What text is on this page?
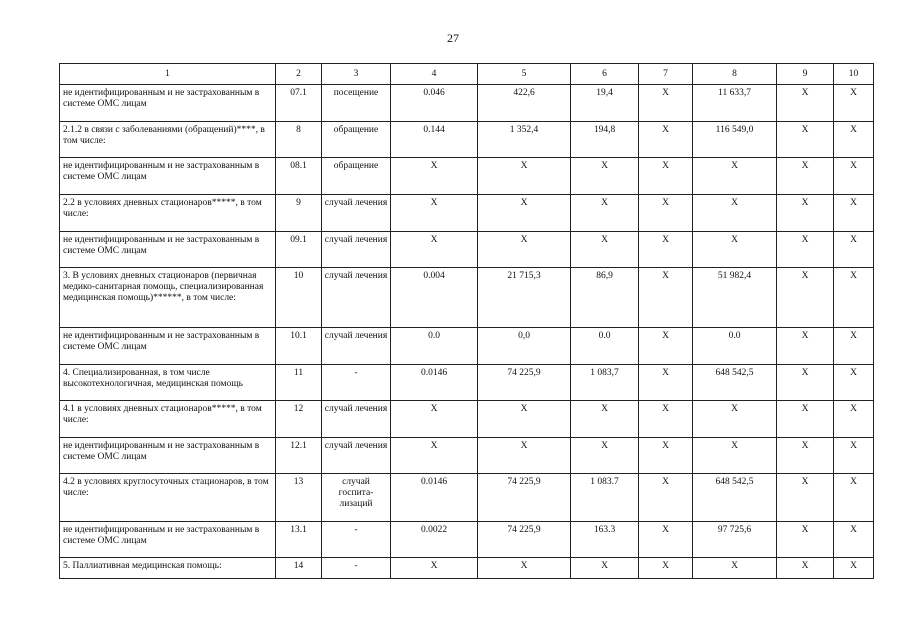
27
1	2	3	4	5	6	7	8	9	10
не идентифицированным и не застрахованным в системе ОМС лицам	07.1	посещение	0.046	422,6	19,4	X	11 633,7	X	X
2.1.2 в связи с заболеваниями (обращений)****, в том числе:	8	обращение	0.144	1 352,4	194,8	X	116 549,0	X	X
не идентифицированным и не застрахованным в системе ОМС лицам	08.1	обращение	X	X	X	X	X	X	X
2.2 в условиях дневных стационаров*****, в том числе:	9	случай лечения	X	X	X	X	X	X	X
не идентифицированным и не застрахованным в системе ОМС лицам	09.1	случай лечения	X	X	X	X	X	X	X
3. В условиях дневных стационаров (первичная медико-санитарная помощь, специализированная медицинская помощь)******, в том числе:	10	случай лечения	0.004	21 715,3	86,9	X	51 982,4	X	X
не идентифицированным и не застрахованным в системе ОМС лицам	10.1	случай лечения	0.0	0,0	0.0	X	0.0	X	X
4. Специализированная, в том числе высокотехнологичная, медицинская помощь	11	-	0.0146	74 225,9	1 083,7	X	648 542,5	X	X
4.1 в условиях дневных стационаров*****, в том числе:	12	случай лечения	X	X	X	X	X	X	X
не идентифицированным и не застрахованным в системе ОМС лицам	12.1	случай лечения	X	X	X	X	X	X	X
4.2 в условиях круглосуточных стационаров, в том числе:	13	случай госпита-лизаций	0.0146	74 225,9	1 083.7	X	648 542,5	X	X
не идентифицированным и не застрахованным в системе ОМС лицам	13.1	-	0.0022	74 225,9	163.3	X	97 725,6	X	X
5. Паллиативная медицинская помощь:	14	-	X	X	X	X	X	X	X
